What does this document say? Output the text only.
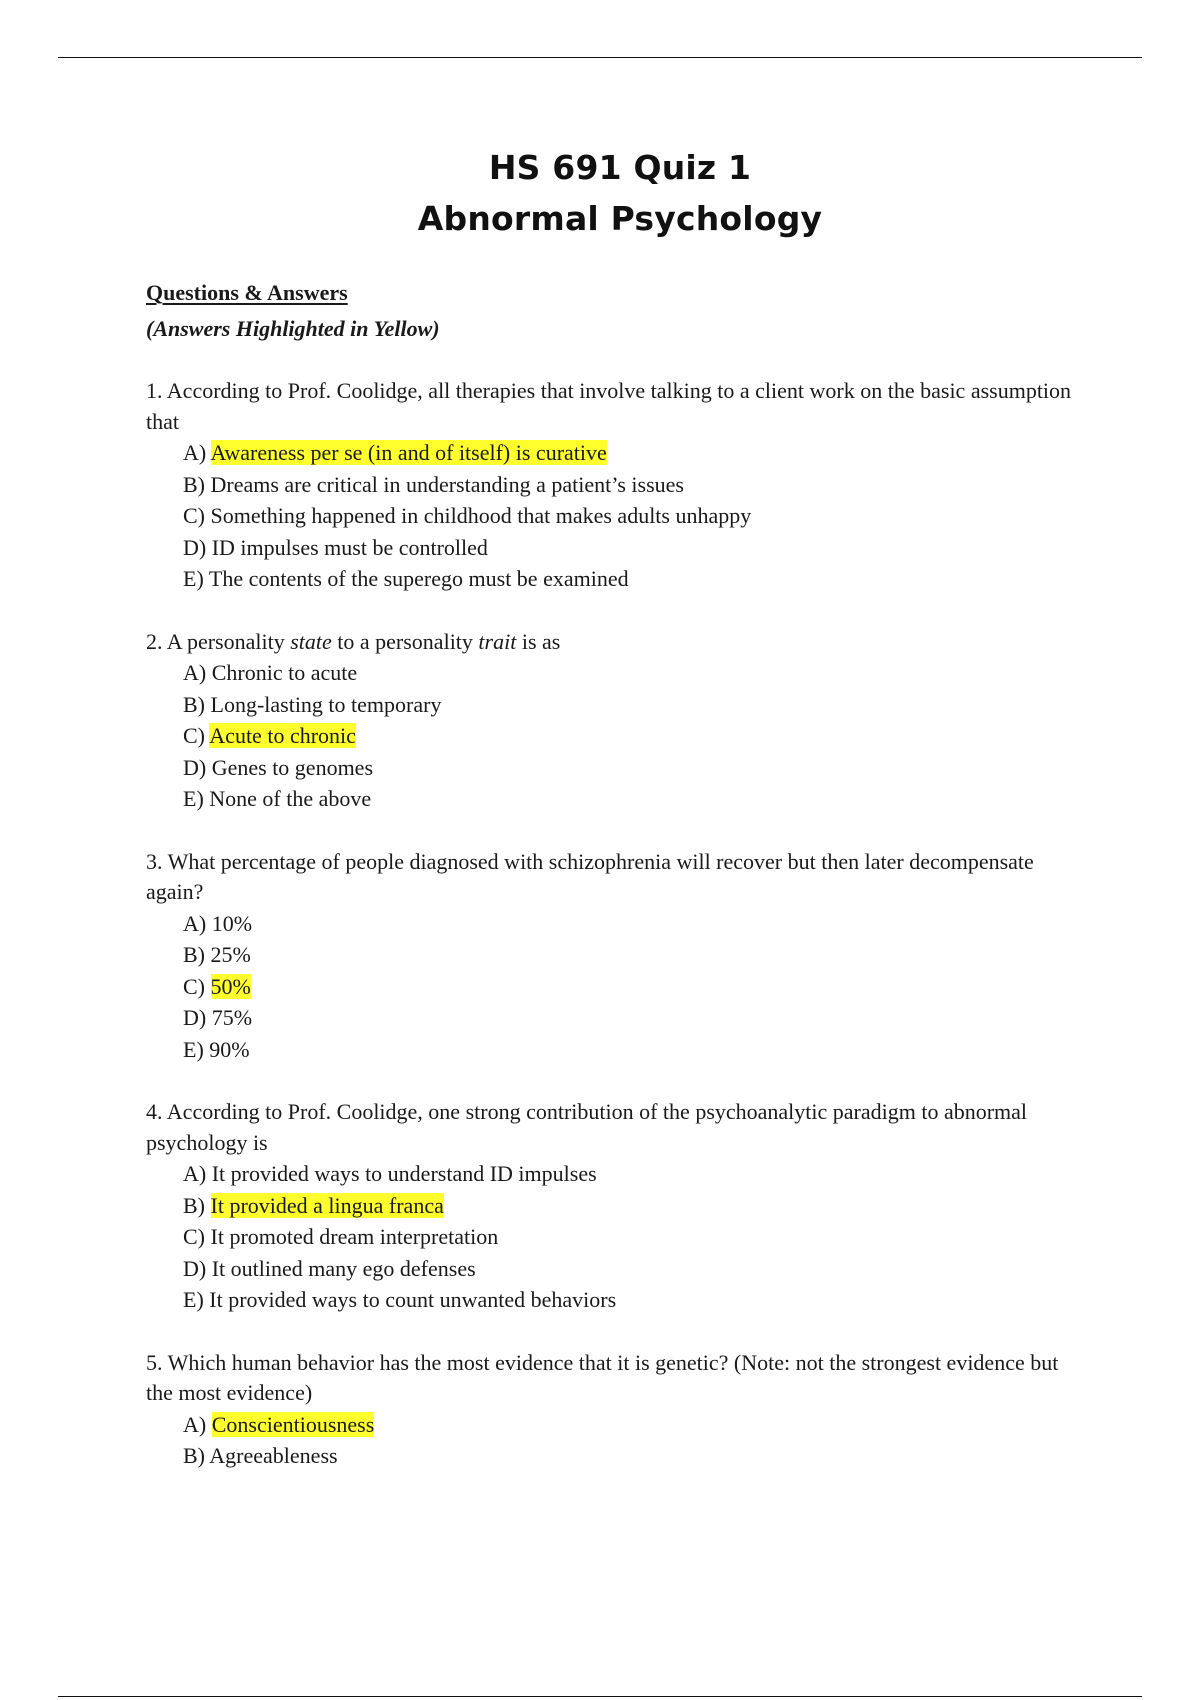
HS 691 Quiz 1
Abnormal Psychology

Questions & Answers

(Answers Highlighted in Yellow)

1. According to Prof. Coolidge, all therapies that involve talking to a client work on the basic assumption that

A) Awareness per se (in and of itself) is curative
B) Dreams are critical in understanding a patient’s issues
C) Something happened in childhood that makes adults unhappy
D) ID impulses must be controlled
E) The contents of the superego must be examined

2. A personality state to a personality trait is as

A) Chronic to acute
B) Long-lasting to temporary
C) Acute to chronic
D) Genes to genomes
E) None of the above

3. What percentage of people diagnosed with schizophrenia will recover but then later decompensate again?

A) 10%
B) 25%
C) 50%
D) 75%
E) 90%

4. According to Prof. Coolidge, one strong contribution of the psychoanalytic paradigm to abnormal psychology is

A) It provided ways to understand ID impulses
B) It provided a lingua franca
C) It promoted dream interpretation
D) It outlined many ego defenses
E) It provided ways to count unwanted behaviors

5. Which human behavior has the most evidence that it is genetic? (Note: not the strongest evidence but the most evidence)

A) Conscientiousness
B) Agreeableness
